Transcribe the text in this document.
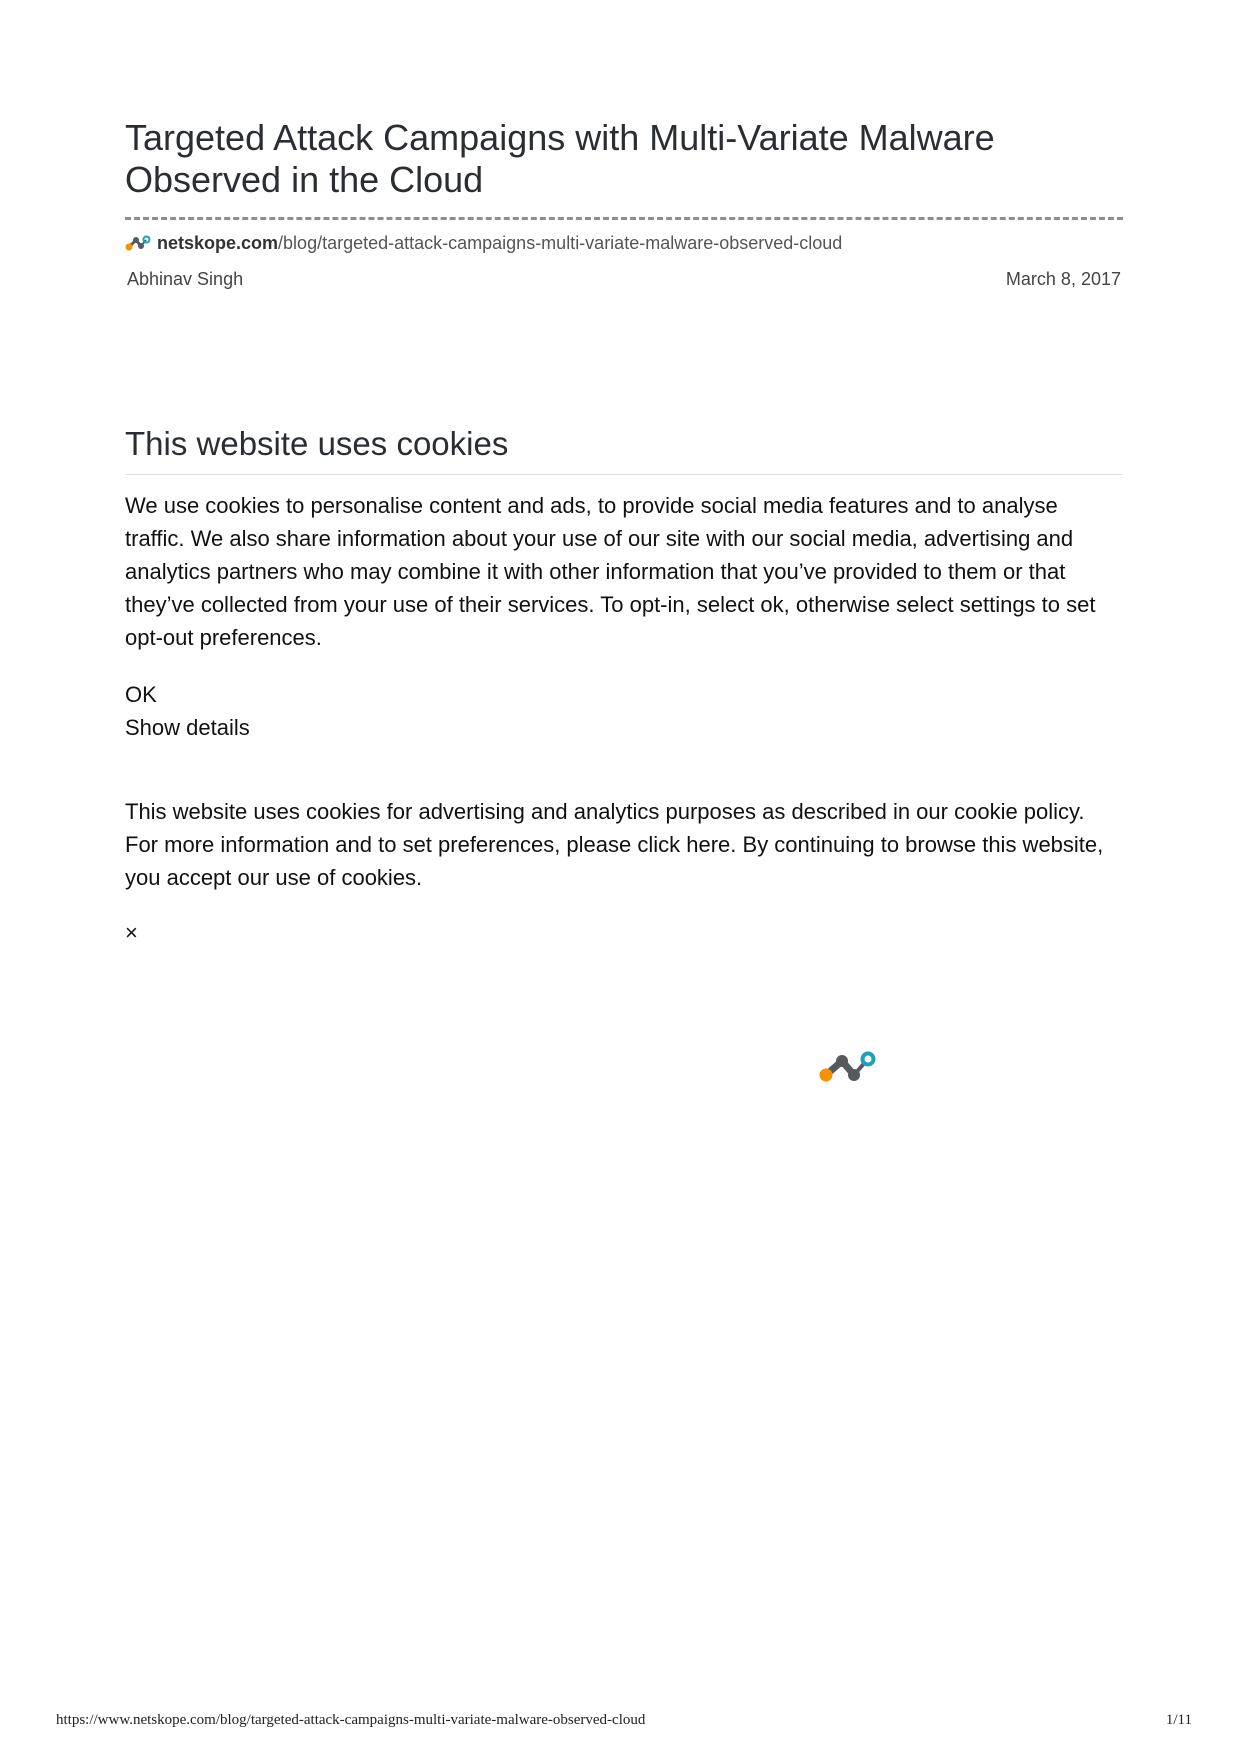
Targeted Attack Campaigns with Multi-Variate Malware Observed in the Cloud
netskope.com /blog/targeted-attack-campaigns-multi-variate-malware-observed-cloud
Abhinav Singh	March 8, 2017
This website uses cookies

We use cookies to personalise content and ads, to provide social media features and to analyse traffic. We also share information about your use of our site with our social media, advertising and analytics partners who may combine it with other information that you’ve provided to them or that they’ve collected from your use of their services. To opt-in, select ok, otherwise select settings to set opt-out preferences.

OK
Show details

This website uses cookies for advertising and analytics purposes as described in our cookie policy. For more information and to set preferences, please click here. By continuing to browse this website, you accept our use of cookies.

×
https://www.netskope.com/blog/targeted-attack-campaigns-multi-variate-malware-observed-cloud	1/11
